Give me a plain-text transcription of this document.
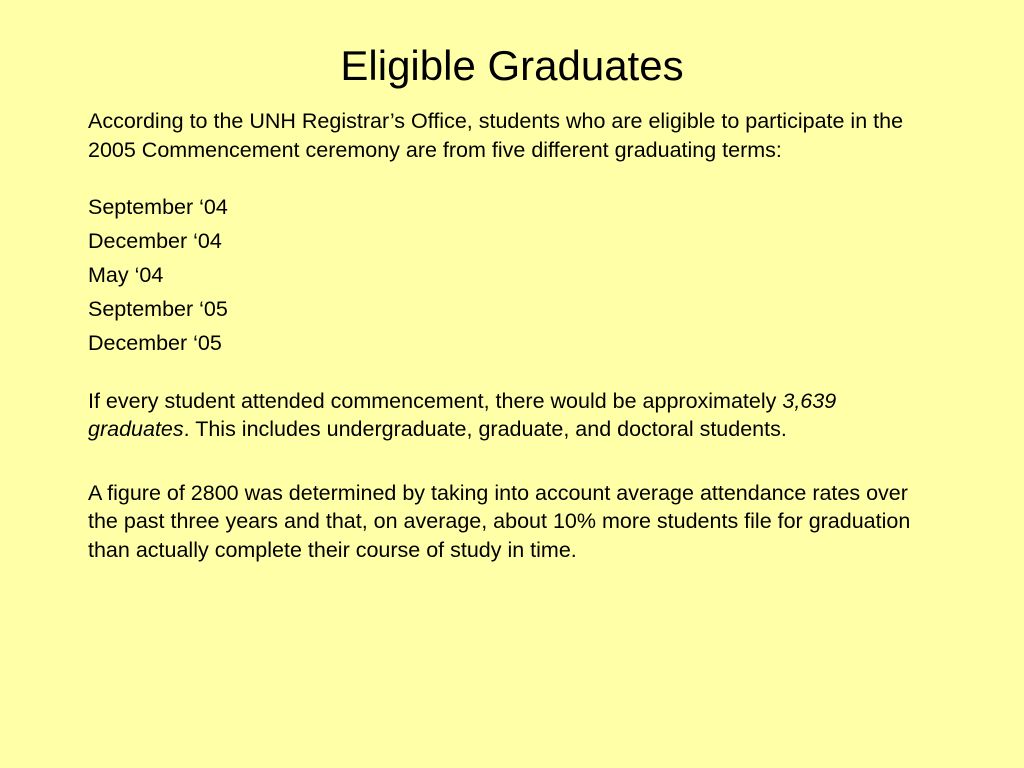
Eligible Graduates

According to the UNH Registrar’s Office, students who are eligible to participate in the 2005 Commencement ceremony are from five different graduating terms:

September ‘04
December ‘04
May ‘04
September ‘05
December ‘05

If every student attended commencement, there would be approximately 3,639 graduates. This includes undergraduate, graduate, and doctoral students.

A figure of 2800 was determined by taking into account average attendance rates over the past three years and that, on average, about 10% more students file for graduation than actually complete their course of study in time.
